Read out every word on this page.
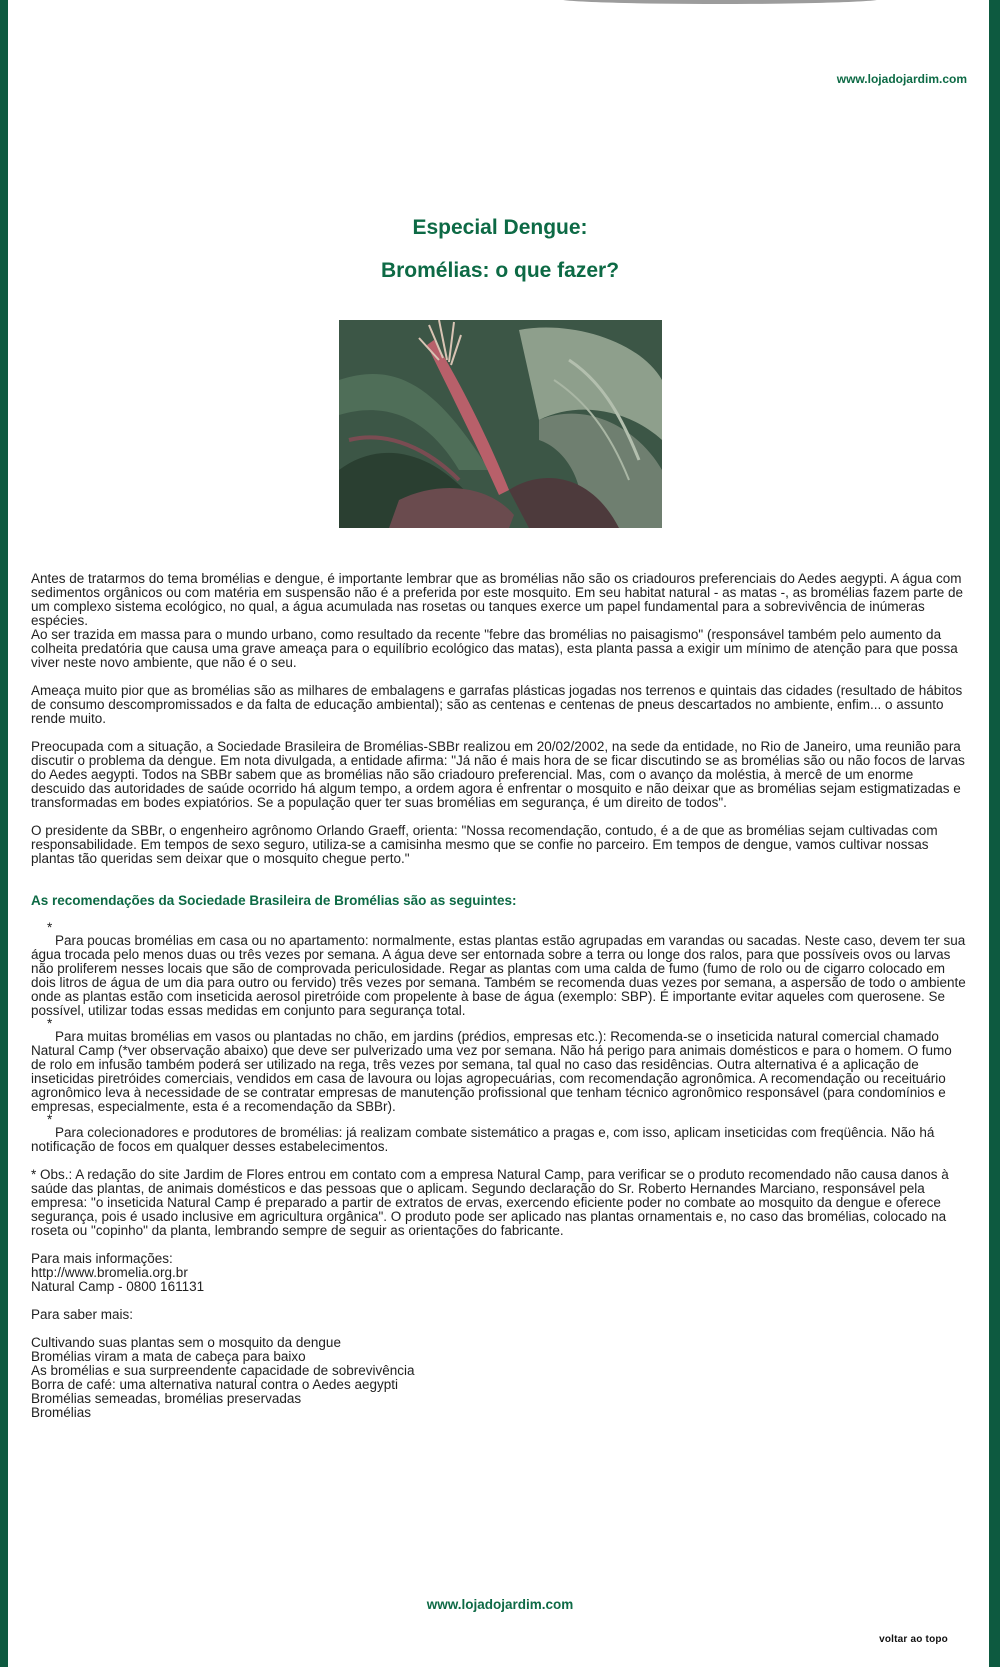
www.lojadojardim.com
Especial Dengue:
Bromélias: o que fazer?

Antes de tratarmos do tema bromélias e dengue, é importante lembrar que as bromélias não são os criadouros preferenciais do Aedes aegypti. A água com sedimentos orgânicos ou com matéria em suspensão não é a preferida por este mosquito. Em seu habitat natural - as matas -, as bromélias fazem parte de um complexo sistema ecológico, no qual, a água acumulada nas rosetas ou tanques exerce um papel fundamental para a sobrevivência de inúmeras espécies.

Ao ser trazida em massa para o mundo urbano, como resultado da recente "febre das bromélias no paisagismo" (responsável também pelo aumento da colheita predatória que causa uma grave ameaça para o equilíbrio ecológico das matas), esta planta passa a exigir um mínimo de atenção para que possa viver neste novo ambiente, que não é o seu.

Ameaça muito pior que as bromélias são as milhares de embalagens e garrafas plásticas jogadas nos terrenos e quintais das cidades (resultado de hábitos de consumo descompromissados e da falta de educação ambiental); são as centenas e centenas de pneus descartados no ambiente, enfim... o assunto rende muito.

Preocupada com a situação, a Sociedade Brasileira de Bromélias-SBBr realizou em 20/02/2002, na sede da entidade, no Rio de Janeiro, uma reunião para discutir o problema da dengue. Em nota divulgada, a entidade afirma: "Já não é mais hora de se ficar discutindo se as bromélias são ou não focos de larvas do Aedes aegypti. Todos na SBBr sabem que as bromélias não são criadouro preferencial. Mas, com o avanço da moléstia, à mercê de um enorme descuido das autoridades de saúde ocorrido há algum tempo, a ordem agora é enfrentar o mosquito e não deixar que as bromélias sejam estigmatizadas e transformadas em bodes expiatórios. Se a população quer ter suas bromélias em segurança, é um direito de todos".

O presidente da SBBr, o engenheiro agrônomo Orlando Graeff, orienta: "Nossa recomendação, contudo, é a de que as bromélias sejam cultivadas com responsabilidade. Em tempos de sexo seguro, utiliza-se a camisinha mesmo que se confie no parceiro. Em tempos de dengue, vamos cultivar nossas plantas tão queridas sem deixar que o mosquito chegue perto."

As recomendações da Sociedade Brasileira de Bromélias são as seguintes:
*
Para poucas bromélias em casa ou no apartamento: normalmente, estas plantas estão agrupadas em varandas ou sacadas. Neste caso, devem ter sua água trocada pelo menos duas ou três vezes por semana. A água deve ser entornada sobre a terra ou longe dos ralos, para que possíveis ovos ou larvas não proliferem nesses locais que são de comprovada periculosidade. Regar as plantas com uma calda de fumo (fumo de rolo ou de cigarro colocado em dois litros de água de um dia para outro ou fervido) três vezes por semana. Também se recomenda duas vezes por semana, a aspersão de todo o ambiente onde as plantas estão com inseticida aerosol piretróide com propelente à base de água (exemplo: SBP). É importante evitar aqueles com querosene. Se possível, utilizar todas essas medidas em conjunto para segurança total.
*
Para muitas bromélias em vasos ou plantadas no chão, em jardins (prédios, empresas etc.): Recomenda-se o inseticida natural comercial chamado Natural Camp (*ver observação abaixo) que deve ser pulverizado uma vez por semana. Não há perigo para animais domésticos e para o homem. O fumo de rolo em infusão também poderá ser utilizado na rega, três vezes por semana, tal qual no caso das residências. Outra alternativa é a aplicação de inseticidas piretróides comerciais, vendidos em casa de lavoura ou lojas agropecuárias, com recomendação agronômica. A recomendação ou receituário agronômico leva à necessidade de se contratar empresas de manutenção profissional que tenham técnico agronômico responsável (para condomínios e empresas, especialmente, esta é a recomendação da SBBr).
*
Para colecionadores e produtores de bromélias: já realizam combate sistemático a pragas e, com isso, aplicam inseticidas com freqüência. Não há notificação de focos em qualquer desses estabelecimentos.

* Obs.: A redação do site Jardim de Flores entrou em contato com a empresa Natural Camp, para verificar se o produto recomendado não causa danos à saúde das plantas, de animais domésticos e das pessoas que o aplicam. Segundo declaração do Sr. Roberto Hernandes Marciano, responsável pela empresa: "o inseticida Natural Camp é preparado a partir de extratos de ervas, exercendo eficiente poder no combate ao mosquito da dengue e oferece segurança, pois é usado inclusive em agricultura orgânica". O produto pode ser aplicado nas plantas ornamentais e, no caso das bromélias, colocado na roseta ou "copinho" da planta, lembrando sempre de seguir as orientações do fabricante.

Para mais informações:
http://www.bromelia.org.br
Natural Camp - 0800 161131
Para saber mais:
Cultivando suas plantas sem o mosquito da dengue
Bromélias viram a mata de cabeça para baixo
As bromélias e sua surpreendente capacidade de sobrevivência
Borra de café: uma alternativa natural contra o Aedes aegypti
Bromélias semeadas, bromélias preservadas
Bromélias
www.lojadojardim.com
voltar ao topo
